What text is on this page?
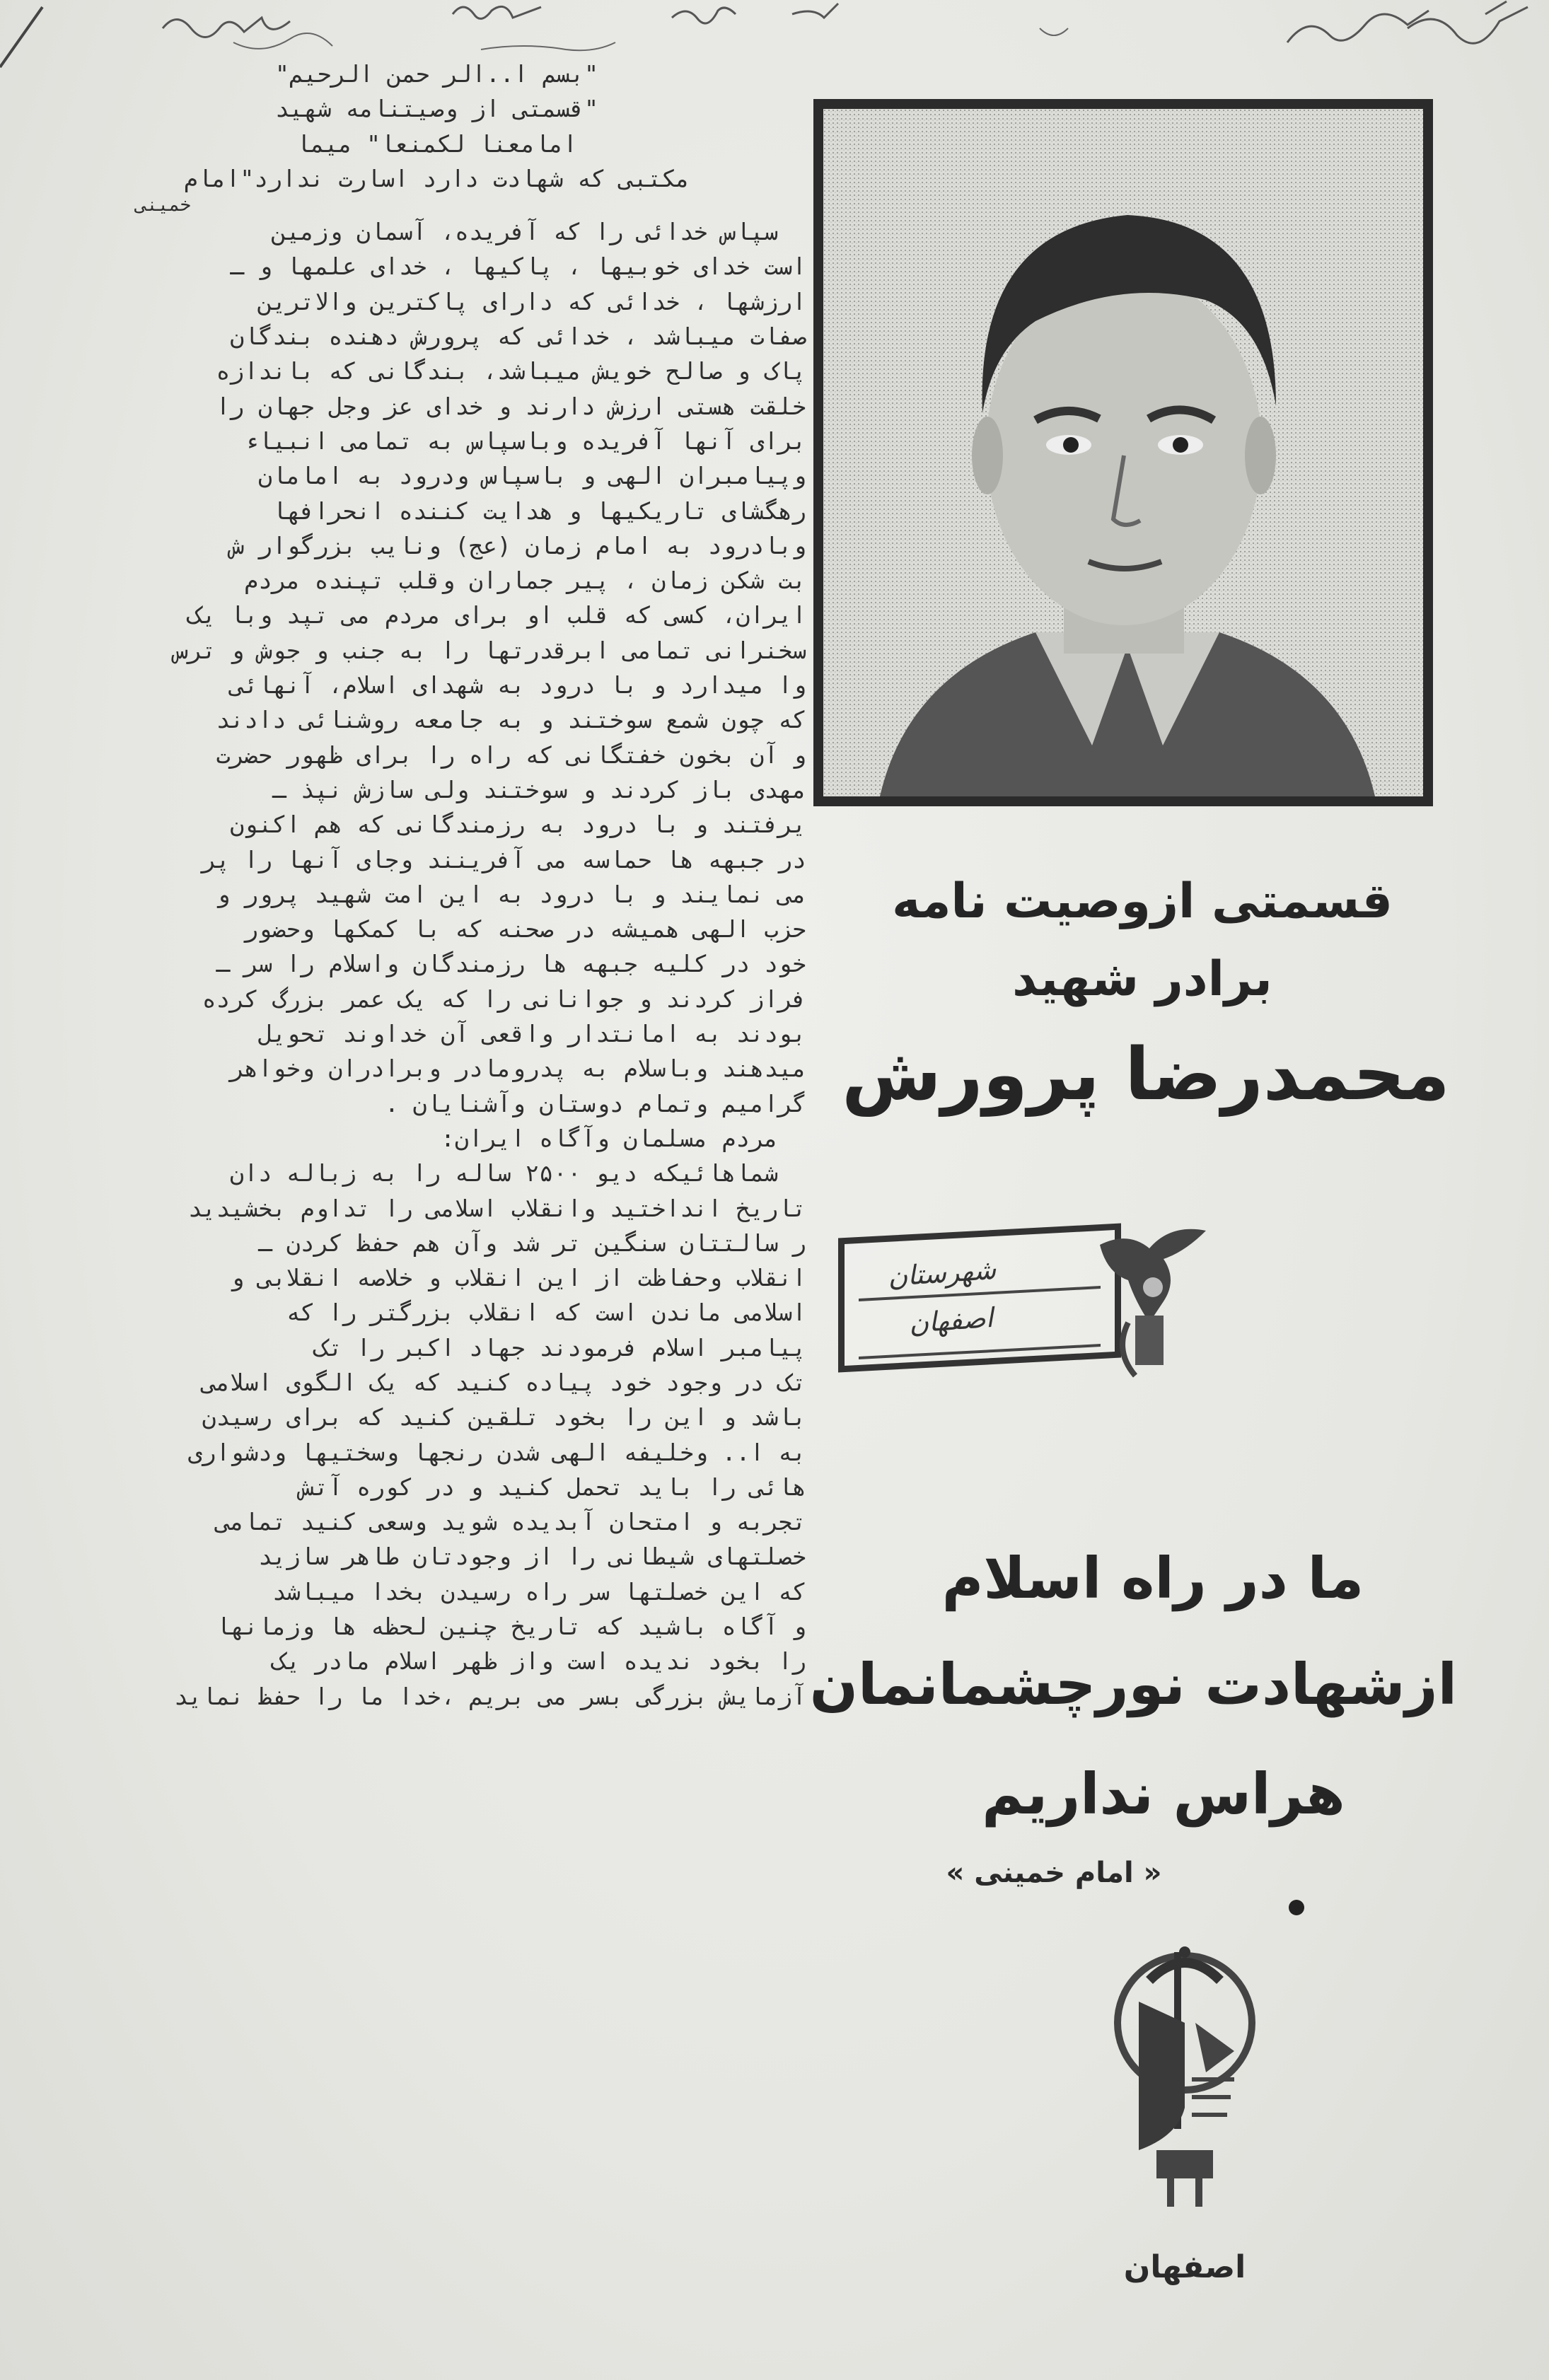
"بسم ا..الر حمن الرحیم"
"قسمتی از وصیتنامه شهید
امامعنا لکمنعا" میما
مکتبی که شهادت دارد اسارت ندارد"امام
خمینی
سپاس خدائی را که آفریده، آسمان وزمین
است خدای خوبیها ، پاکیها ، خدای علمها و ـ
ارزشها ، خدائی که دارای پاکترین والاترین
صفات میباشد ، خدائی که پرورش دهنده بندگان
پاک و صالح خویش میباشد، بندگانی که باندازه
خلقت هستی ارزش دارند و خدای عز وجل جهان را
برای آنها آفریده وباسپاس به تمامی انبیاء
وپیامبران الهی و باسپاس ودرود به امامان
رهگشای تاریکیها و هدایت کننده انحرافها
وبادرود به امام زمان (عج) ونایب بزرگوار ش
بت شکن زمان ، پیر جماران وقلب تپنده مردم
ایران، کسی که قلب او برای مردم می تپد وبا یک
سخنرانی تمامی ابرقدرتها را به جنب و جوش و ترس
وا میدارد و با درود به شهدای اسلام، آنهائی
که چون شمع سوختند و به جامعه روشنائی دادند
و آن بخون خفتگانی که راه را برای ظهور حضرت
مهدی باز کردند و سوختند ولی سازش نپذ ـ
یرفتند و با درود به رزمندگانی که هم اکنون
در جبهه ها حماسه می آفرینند وجای آنها را پر
می نمایند و با درود به این امت شهید پرور و
حزب الهی همیشه در صحنه که با کمکها وحضور
خود در کلیه جبهه ها رزمندگان واسلام را سر ـ
فراز کردند و جوانانی را که یک عمر بزرگ کرده
بودند به امانتدار واقعی آن خداوند تحویل
میدهند وباسلام به پدرومادر وبرادران وخواهر
گرامیم وتمام دوستان وآشنایان .
مردم مسلمان وآگاه ایران:
شماهائیکه دیو ۲۵۰۰ ساله را به زباله دان
تاریخ انداختید وانقلاب اسلامی را تداوم بخشیدید
ر سالتتان سنگین تر شد وآن هم حفظ کردن ـ
انقلاب وحفاظت از این انقلاب و خلاصه انقلابی و
اسلامی ماندن است که انقلاب بزرگتر را که
پیامبر اسلام فرمودند جهاد اکبر را تک
تک در وجود خود پیاده کنید که یک الگوی اسلامی
باشد و این را بخود تلقین کنید که برای رسیدن
به ا.. وخلیفه الهی شدن رنجها وسختیها ودشواری
هائی را باید تحمل کنید و در کوره آتش
تجربه و امتحان آبدیده شوید وسعی کنید تمامی
خصلتهای شیطانی را از وجودتان طاهر سازید
که این خصلتها سر راه رسیدن بخدا میباشد
و آگاه باشید که تاریخ چنین لحظه ها وزمانها
را بخود ندیده است واز ظهر اسلام مادر یک
آزمایش بزرگی بسر می بریم ،خدا ما را حفظ نماید
قسمتی ازوصیت نامه
برادر شهید
محمدرضا پرورش
شهرستان
اصفهان
ما در راه اسلام
ازشهادت نورچشمانمان
هراس نداریم
« امام خمینی »
اصفهان
